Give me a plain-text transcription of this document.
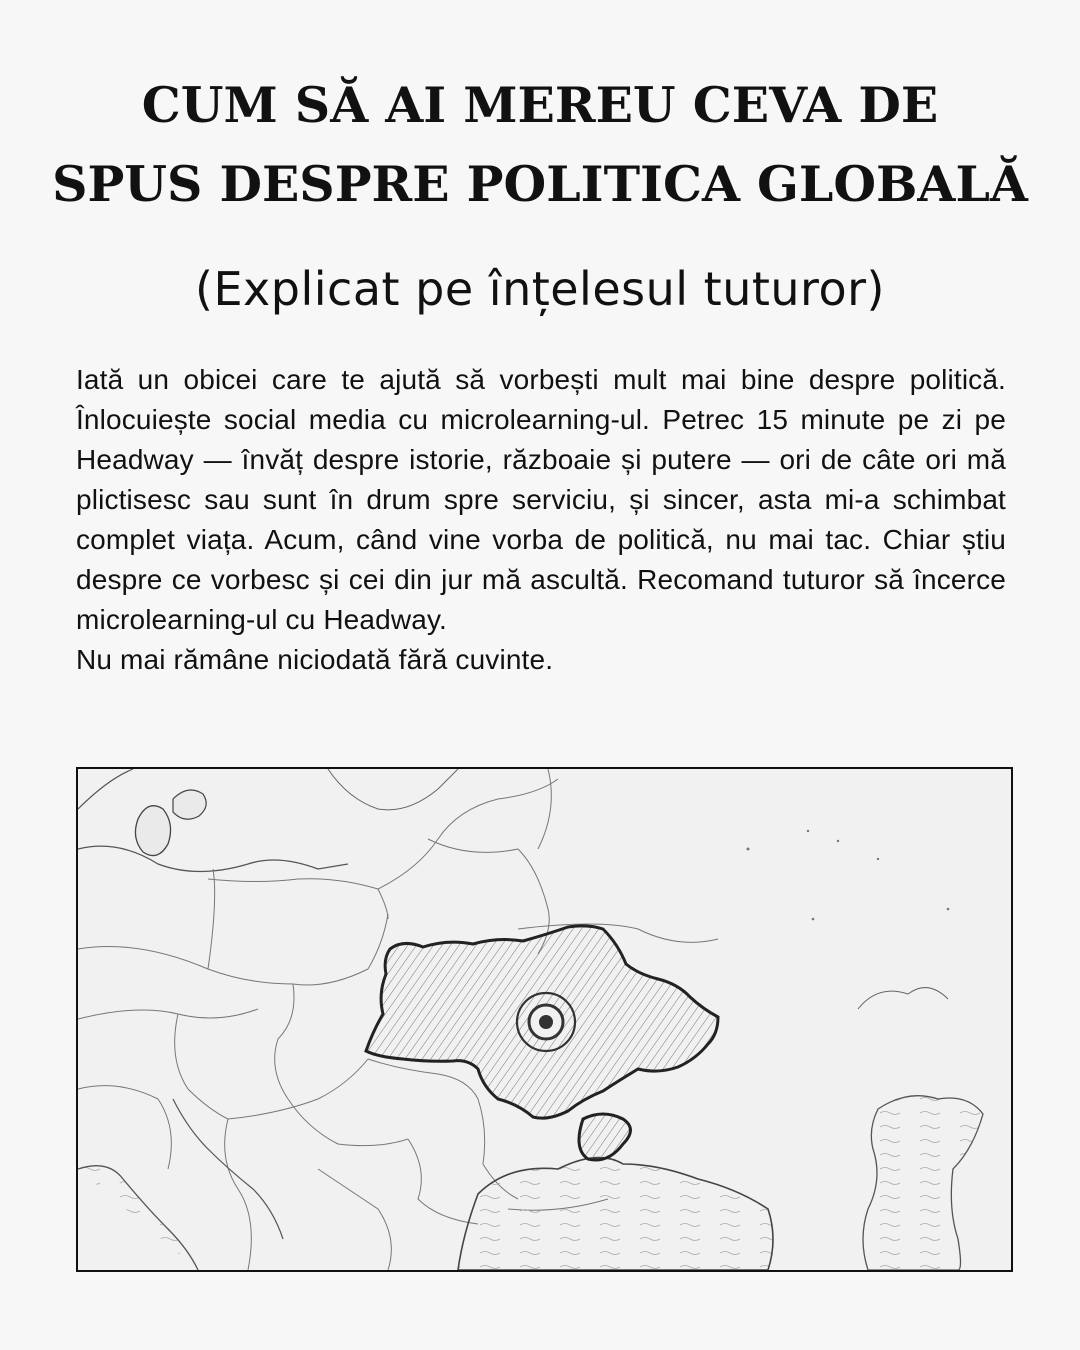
CUM SĂ AI MEREU CEVA DE
SPUS DESPRE POLITICA GLOBALĂ
(Explicat pe înțelesul tuturor)

Iată un obicei care te ajută să vorbești mult mai bine despre politică. Înlocuiește social media cu microlearning-ul. Petrec 15 minute pe zi pe Headway — învăț despre istorie, războaie și putere — ori de câte ori mă plictisesc sau sunt în drum spre serviciu, și sincer, asta mi-a schimbat complet viața. Acum, când vine vorba de politică, nu mai tac. Chiar știu despre ce vorbesc și cei din jur mă ascultă. Recomand tuturor să încerce microlearning-ul cu Headway.

Nu mai rămâne niciodată fără cuvinte.
